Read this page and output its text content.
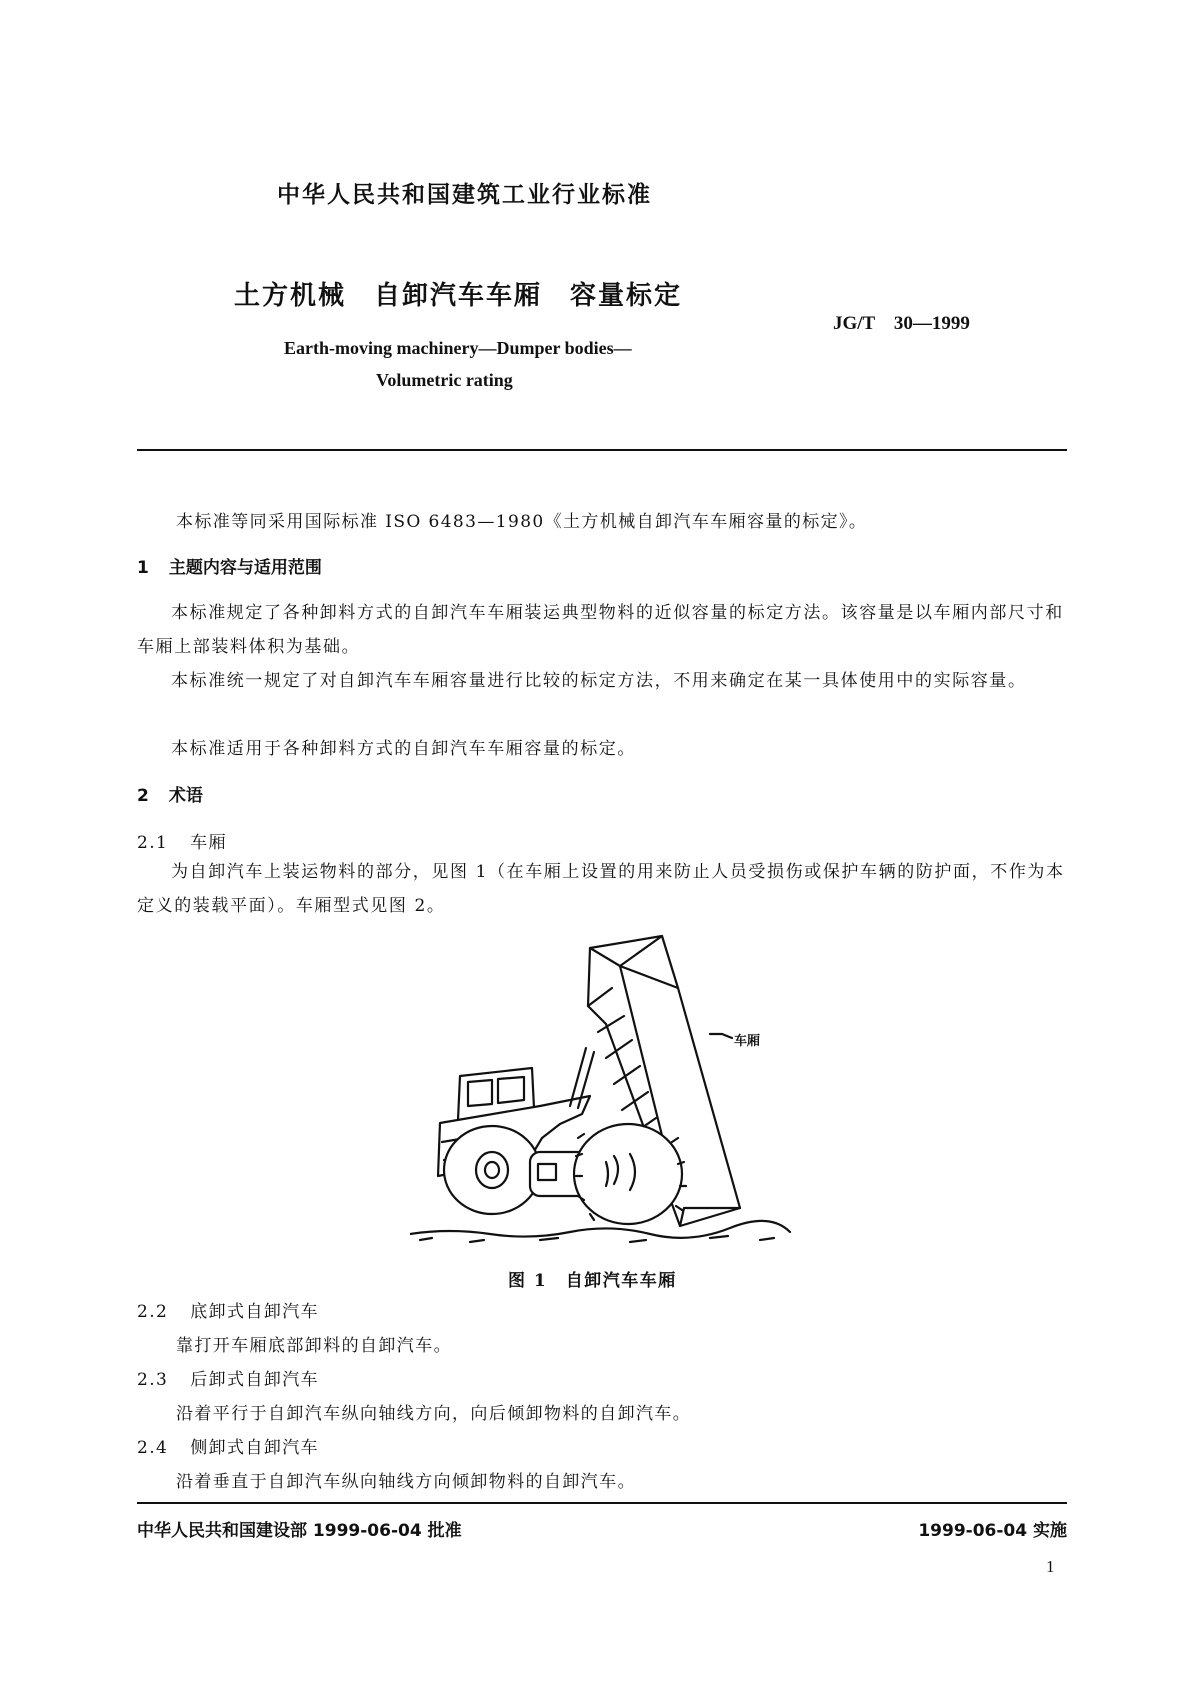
中华人民共和国建筑工业行业标准
土方机械　自卸汽车车厢　容量标定
JG/T　30—1999
Earth-moving machinery—Dumper bodies—
Volumetric rating
本标准等同采用国际标准 ISO 6483—1980《土方机械自卸汽车车厢容量的标定》。
1 主题内容与适用范围
本标准规定了各种卸料方式的自卸汽车车厢装运典型物料的近似容量的标定方法。该容量是以车厢内部尺寸和车厢上部装料体积为基础。
本标准统一规定了对自卸汽车车厢容量进行比较的标定方法，不用来确定在某一具体使用中的实际容量。
本标准适用于各种卸料方式的自卸汽车车厢容量的标定。
2 术语
2.1 车厢
为自卸汽车上装运物料的部分，见图 1（在车厢上设置的用来防止人员受损伤或保护车辆的防护面，不作为本定义的装载平面）。车厢型式见图 2。
车厢
图 1　自卸汽车车厢
2.2 底卸式自卸汽车
靠打开车厢底部卸料的自卸汽车。
2.3 后卸式自卸汽车
沿着平行于自卸汽车纵向轴线方向，向后倾卸物料的自卸汽车。
2.4 侧卸式自卸汽车
沿着垂直于自卸汽车纵向轴线方向倾卸物料的自卸汽车。
中华人民共和国建设部 1999-06-04 批准	1999-06-04 实施
1
